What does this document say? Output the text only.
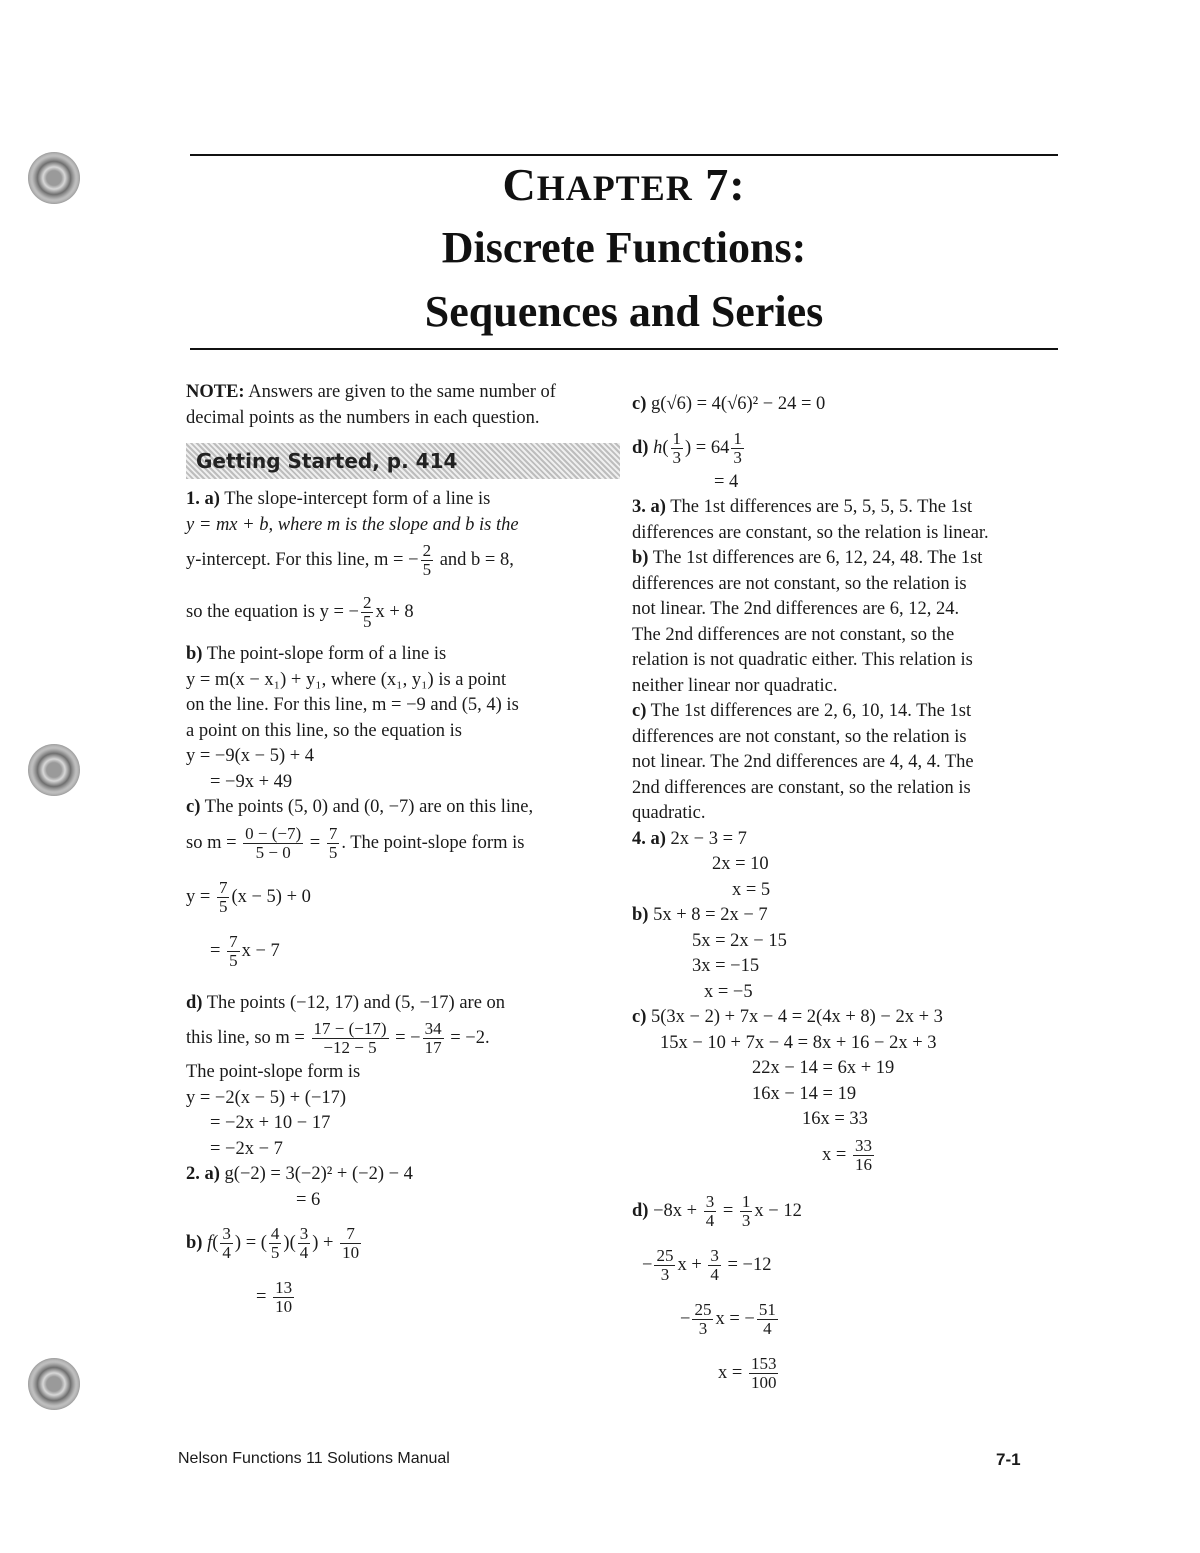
CHAPTER 7:
Discrete Functions:
Sequences and Series
NOTE: Answers are given to the same number of
decimal points as the numbers in each question.
Getting Started, p. 414
1. a) The slope-intercept form of a line is
y = mx + b, where m is the slope and b is the
y-intercept. For this line, m = − $\frac{2}{5}$ and b = 8,
so the equation is y = − $\frac{2}{5}$ x + 8
b) The point-slope form of a line is
y = m(x − x₁) + y₁, where (x₁, y₁) is a point
on the line. For this line, m = −9 and (5, 4) is
a point on this line, so the equation is
y = −9(x − 5) + 4
= −9x + 49
c) The points (5, 0) and (0, −7) are on this line,
so $m = \frac{0 - (-7)}{5 - 0} = \frac{7}{5}$ . The point-slope form is
$y = \frac{7}{5} (x - 5) + 0$
= $\frac{7}{5}$ x − 7
d) The points (−12, 17) and (5, −17) are on
this line, so $m = \frac{17 - (-17)}{-12 - 5}$ = − $\frac{34}{17} = -2$.
The point-slope form is
y = −2(x − 5) + (−17)
= −2x + 10 − 17
= −2x − 7
2. a) g(−2) = 3(−2)² + (−2) − 4
= 6
b) $f( \frac{3}{4}$ ) = ( $\frac{4}{5}$ )( $\frac{3}{4}$ ) + $\frac{7}{10}$
= $\frac{13}{10}$
c) g(√6) = 4(√6)² − 24 = 0
d) $h( \frac{1}{3}$ ) = $64 \frac{1}{3}$
= 4
3. a) The 1st differences are 5, 5, 5, 5. The 1st
differences are constant, so the relation is linear.
b) The 1st differences are 6, 12, 24, 48. The 1st
differences are not constant, so the relation is
not linear. The 2nd differences are 6, 12, 24.
The 2nd differences are not constant, so the
relation is not quadratic either. This relation is
neither linear nor quadratic.
c) The 1st differences are 2, 6, 10, 14. The 1st
differences are not constant, so the relation is
not linear. The 2nd differences are 4, 4, 4. The
2nd differences are constant, so the relation is
quadratic.
4. a) 2x − 3 = 7
2x = 10
x = 5
b) 5x + 8 = 2x − 7
5x = 2x − 15
3x = −15
x = −5
c) 5(3x − 2) + 7x − 4 = 2(4x + 8) − 2x + 3
15x − 10 + 7x − 4 = 8x + 16 − 2x + 3
22x − 14 = 6x + 19
16x − 14 = 19
16x = 33
$x = \frac{33}{16}$
$d) -8x + \frac{3}{4} = \frac{1}{3}$ x − 12
− $\frac{25}{3}$ $x + \frac{3}{4} = -12$
− $\frac{25}{3}$ x = − $\frac{51}{4}$
$x = \frac{153}{100}$
Nelson Functions 11 Solutions Manual	7-1
